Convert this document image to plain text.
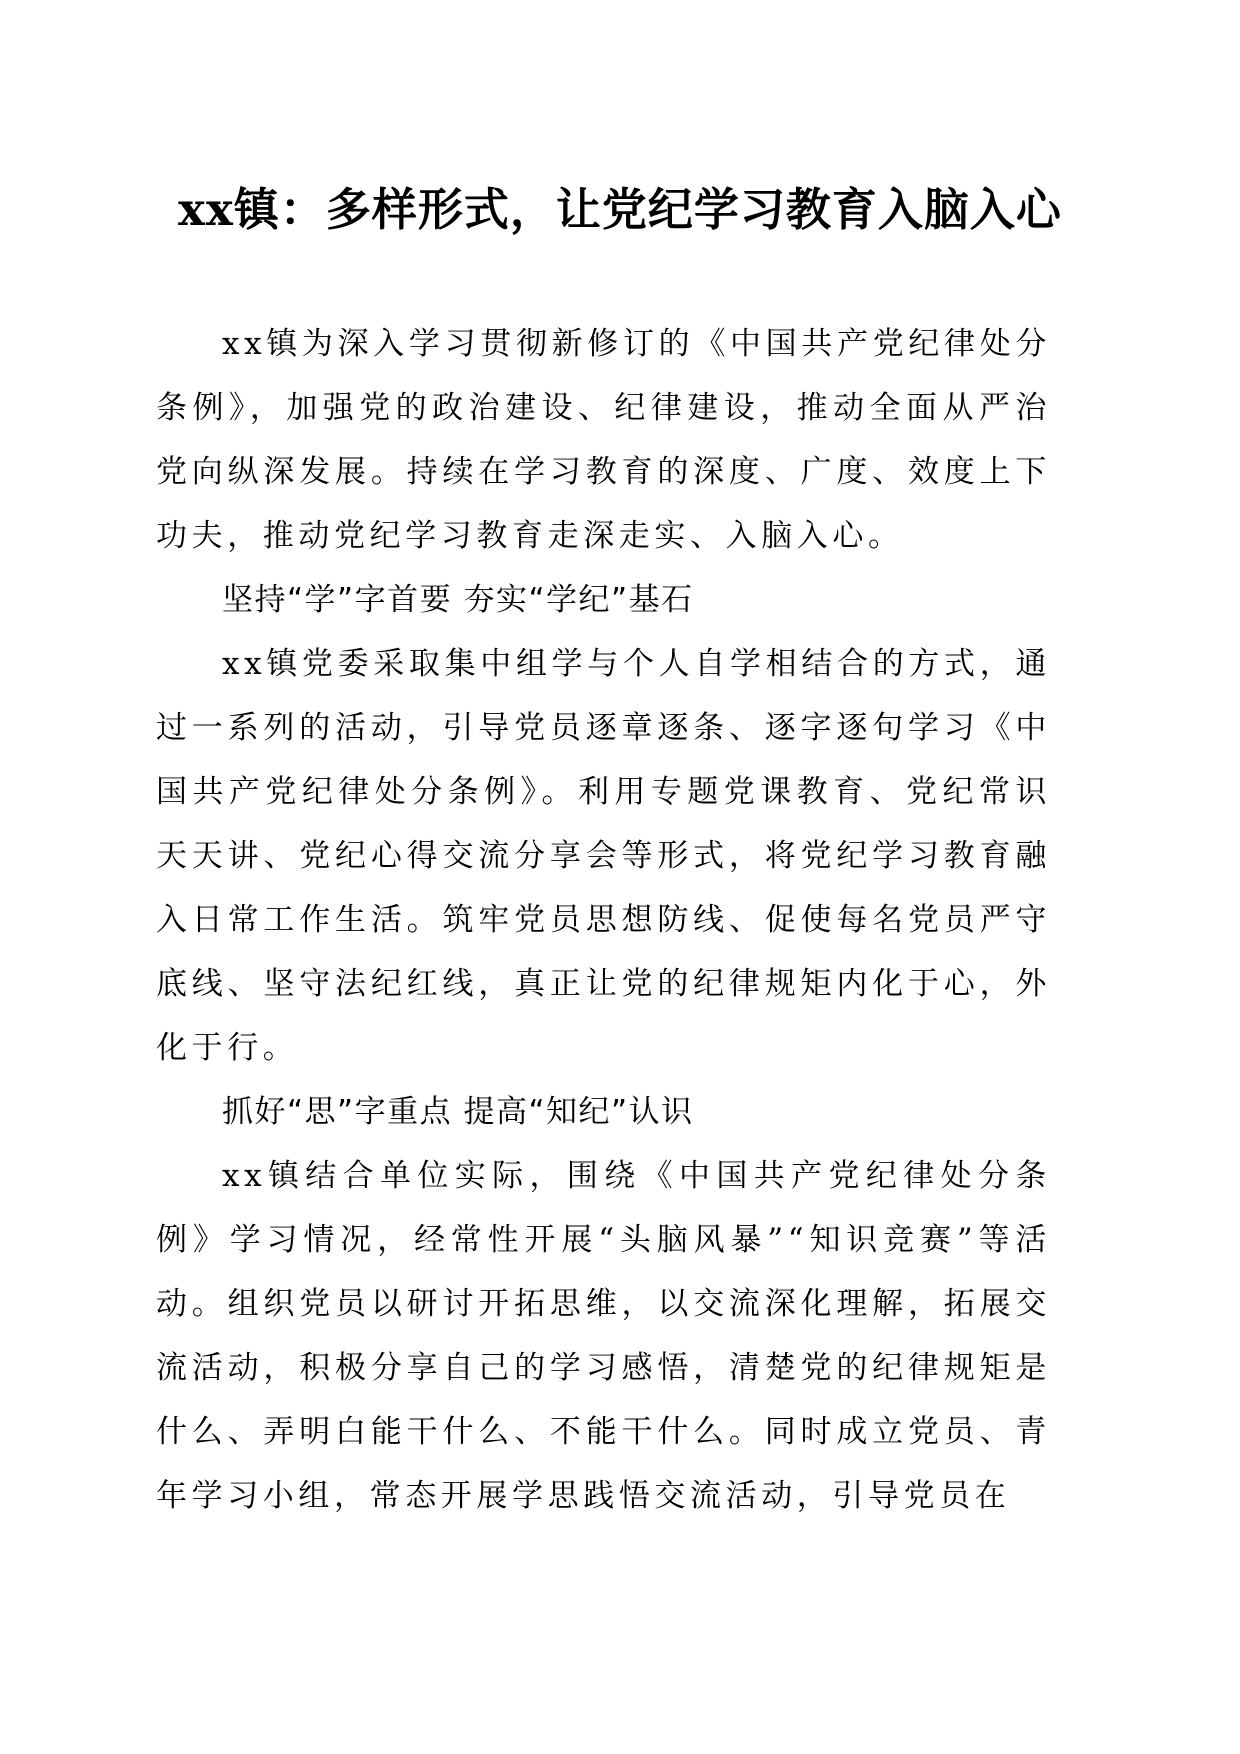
xx镇：多样形式，让党纪学习教育入脑入心

xx镇为深入学习贯彻新修订的《中国共产党纪律处分条例》，加强党的政治建设、纪律建设，推动全面从严治党向纵深发展。持续在学习教育的深度、广度、效度上下功夫，推动党纪学习教育走深走实、入脑入心。

坚持“学”字首要 夯实“学纪”基石

xx镇党委采取集中组学与个人自学相结合的方式，通过一系列的活动，引导党员逐章逐条、逐字逐句学习《中国共产党纪律处分条例》。利用专题党课教育、党纪常识天天讲、党纪心得交流分享会等形式，将党纪学习教育融入日常工作生活。筑牢党员思想防线、促使每名党员严守底线、坚守法纪红线，真正让党的纪律规矩内化于心，外化于行。

抓好“思”字重点 提高“知纪”认识

xx镇结合单位实际，围绕《中国共产党纪律处分条例》学习情况，经常性开展“头脑风暴”“知识竞赛”等活动。组织党员以研讨开拓思维，以交流深化理解，拓展交流活动，积极分享自己的学习感悟，清楚党的纪律规矩是什么、弄明白能干什么、不能干什么。同时成立党员、青年学习小组，常态开展学思践悟交流活动，引导党员在
